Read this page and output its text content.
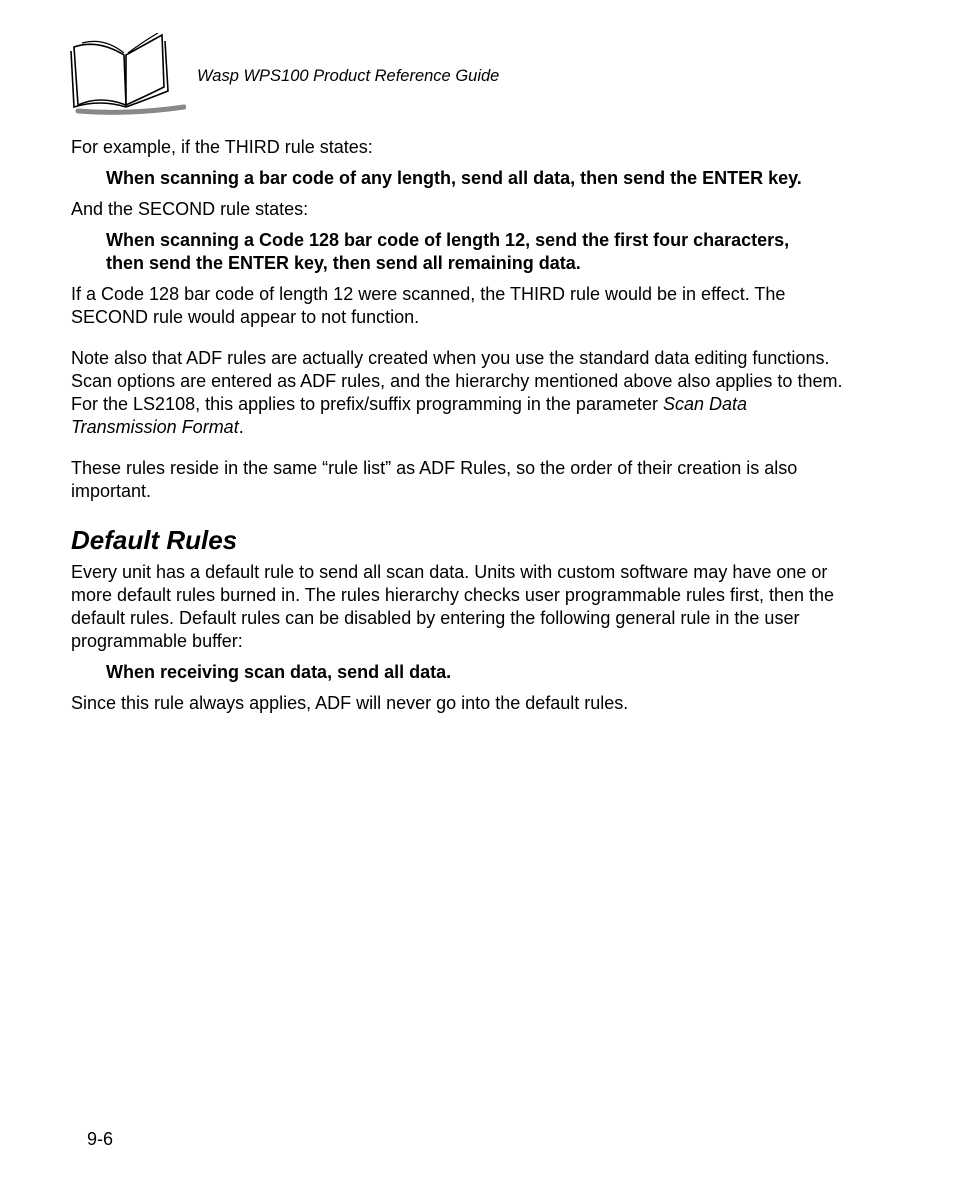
Wasp WPS100 Product Reference Guide

For example, if the THIRD rule states:

When scanning a bar code of any length, send all data, then send the ENTER key.

And the SECOND rule states:

When scanning a Code 128 bar code of length 12, send the first four characters,
then send the ENTER key, then send all remaining data.

If a Code 128 bar code of length 12 were scanned, the THIRD rule would be in effect. The SECOND rule would appear to not function.

Note also that ADF rules are actually created when you use the standard data editing functions. Scan options are entered as ADF rules, and the hierarchy mentioned above also applies to them. For the LS2108, this applies to prefix/suffix programming in the parameter Scan Data Transmission Format.

These rules reside in the same “rule list” as ADF Rules, so the order of their creation is also important.

Default Rules

Every unit has a default rule to send all scan data. Units with custom software may have one or more default rules burned in. The rules hierarchy checks user programmable rules first, then the default rules. Default rules can be disabled by entering the following general rule in the user programmable buffer:

When receiving scan data, send all data.

Since this rule always applies, ADF will never go into the default rules.

9-6
